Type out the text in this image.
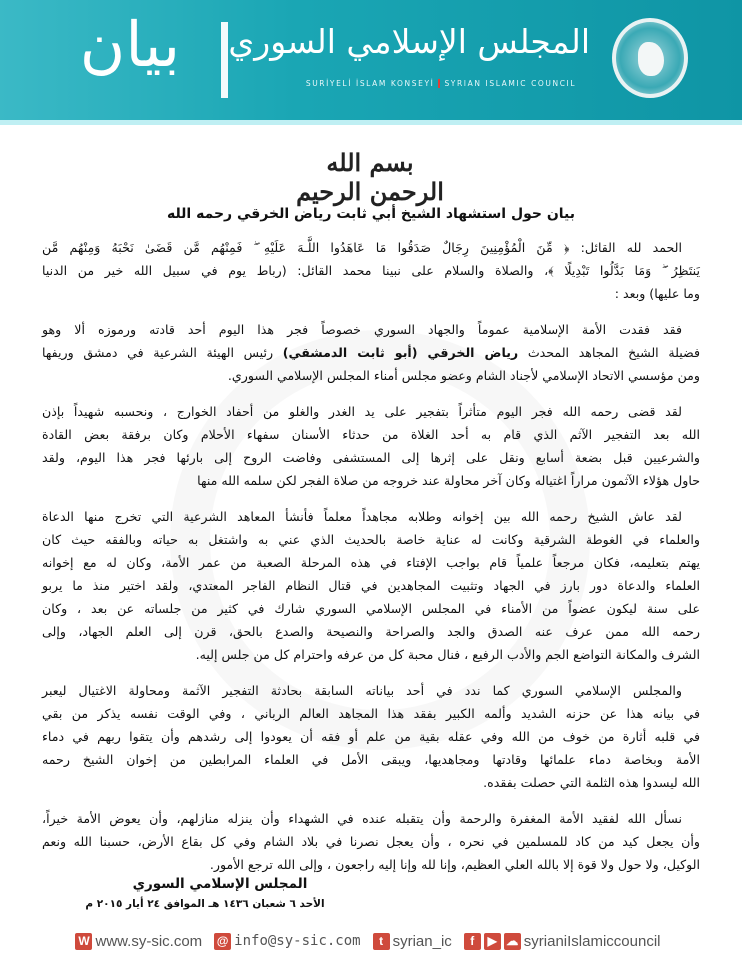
المجلس الإسلامي السوري
SURİYELİ İSLAM KONSEYİ SYRIAN ISLAMIC COUNCIL
بيان
بسم الله الرحمن الرحيم
بيان حول استشهاد الشيخ أبي ثابت رياض الخرقي رحمه الله
الحمد لله القائل: ﴿ مِّنَ الْمُؤْمِنِينَ رِجَالٌ صَدَقُوا مَا عَاهَدُوا اللَّـهَ عَلَيْهِ ۖ فَمِنْهُم مَّن قَضَىٰ نَحْبَهُ وَمِنْهُم مَّن
يَنتَظِرُ ۖ وَمَا بَدَّلُوا تَبْدِيلًا ﴾، والصلاة والسلام على نبينا محمد القائل: (رباط يوم في سبيل الله خير من الدنيا
وما عليها) وبعد :
فقد فقدت الأمة الإسلامية عموماً والجهاد السوري خصوصاً فجر هذا اليوم أحد قادته ورموزه ألا وهو
فضيلة الشيخ المجاهد المحدث رياض الخرقي (أبو ثابت الدمشقي) رئيس الهيئة الشرعية في دمشق وريفها
ومن مؤسسي الاتحاد الإسلامي لأجناد الشام وعضو مجلس أمناء المجلس الإسلامي السوري.
لقد قضى رحمه الله فجر اليوم متأثراً بتفجير على يد الغدر والغلو من أحفاد الخوارج ، ونحسبه شهيداً بإذن
الله بعد التفجير الآثم الذي قام به أحد الغلاة من حدثاء الأسنان سفهاء الأحلام وكان برفقة بعض القادة
والشرعيين قبل بضعة أسابع ونقل على إثرها إلى المستشفى وفاضت الروح إلى بارئها فجر هذا اليوم، ولقد
حاول هؤلاء الآثمون مراراً اغتياله وكان آخر محاولة عند خروجه من صلاة الفجر لكن سلمه الله منها
لقد عاش الشيخ رحمه الله بين إخوانه وطلابه مجاهداً معلماً فأنشأ المعاهد الشرعية التي تخرج منها الدعاة
والعلماء في الغوطة الشرقية وكانت له عناية خاصة بالحديث الذي عني به واشتغل به حياته وبالفقه حيث كان
يهتم بتعليمه، فكان مرجعاً علمياً قام بواجب الإفتاء في هذه المرحلة الصعبة من عمر الأمة، وكان له مع إخوانه
العلماء والدعاة دور بارز في الجهاد وتثبيت المجاهدين في قتال النظام الفاجر المعتدي، ولقد اختير منذ ما يربو
على سنة ليكون عضواً من الأمناء في المجلس الإسلامي السوري شارك في كثير من جلساته عن بعد ، وكان
رحمه الله ممن عرف عنه الصدق والجد والصراحة والنصيحة والصدع بالحق، قرن إلى العلم الجهاد، وإلى
الشرف والمكانة التواضع الجم والأدب الرفيع ، فنال محبة كل من عرفه واحترام كل من جلس إليه.
والمجلس الإسلامي السوري كما ندد في أحد بياناته السابقة بحادثة التفجير الآثمة ومحاولة الاغتيال ليعبر
في بيانه هذا عن حزنه الشديد وألمه الكبير بفقد هذا المجاهد العالم الرباني ، وفي الوقت نفسه يذكر من بقي
في قلبه أثارة من خوف من الله وفي عقله بقية من علم أو فقه أن يعودوا إلى رشدهم وأن يتقوا ربهم في دماء
الأمة وبخاصة دماء علمائها وقادتها ومجاهديها، ويبقى الأمل في العلماء المرابطين من إخوان الشيخ رحمه
الله ليسدوا هذه الثلمة التي حصلت بفقده.
نسأل الله لفقيد الأمة المغفرة والرحمة وأن يتقبله عنده في الشهداء وأن ينزله منازلهم، وأن يعوض الأمة خيراً،
وأن يجعل كيد من كاد للمسلمين في نحره ، وأن يعجل نصرنا في بلاد الشام وفي كل بقاع الأرض، حسبنا الله ونعم
الوكيل، ولا حول ولا قوة إلا بالله العلي العظيم، وإنا لله وإنا إليه راجعون ، وإلى الله ترجع الأمور.
المجلس الإسلامي السوري
الأحد ٦ شعبان ١٤٣٦ هـ الموافق ٢٤ أيار ٢٠١٥ م
W www.sy-sic.com @ info@sy-sic.com	t syrian_ic	f	▶ ☁ syrianiIslamiccouncil
